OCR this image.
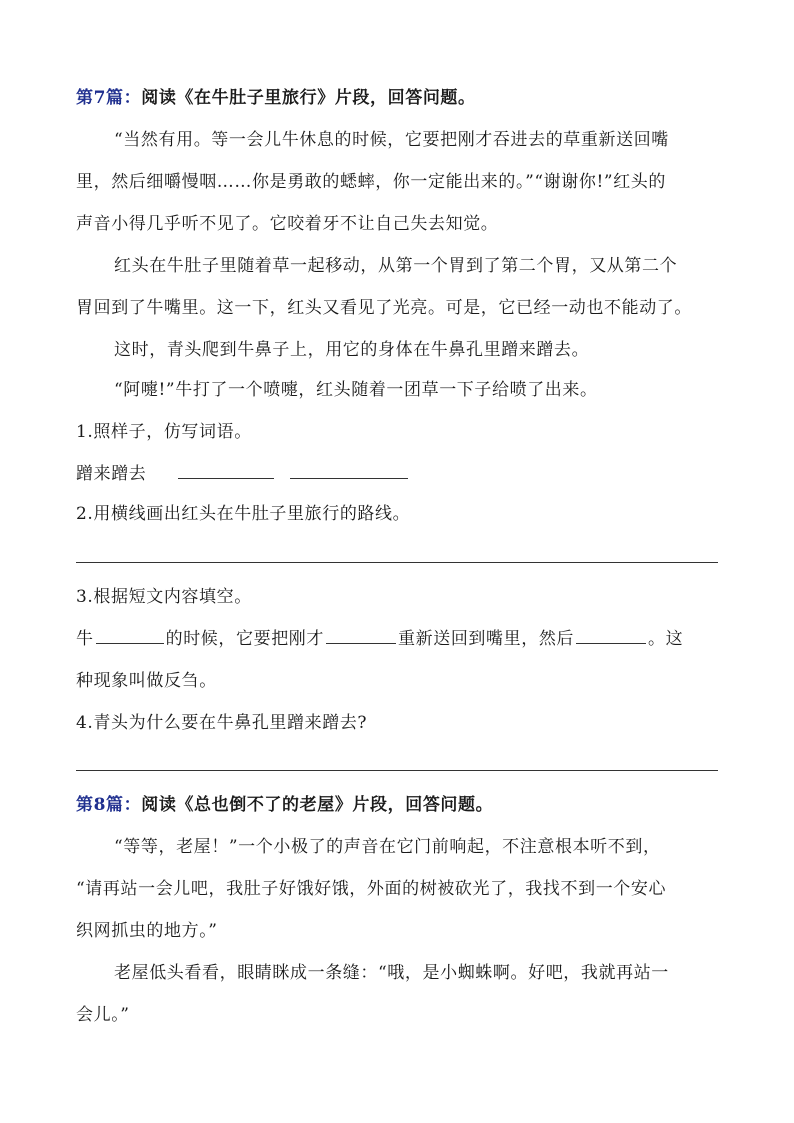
第7篇：阅读《在牛肚子里旅行》片段，回答问题。
“当然有用。等一会儿牛休息的时候，它要把刚才吞进去的草重新送回嘴
里，然后细嚼慢咽……你是勇敢的蟋蟀，你一定能出来的。”“谢谢你!”红头的
声音小得几乎听不见了。它咬着牙不让自己失去知觉。
红头在牛肚子里随着草一起移动，从第一个胃到了第二个胃，又从第二个
胃回到了牛嘴里。这一下，红头又看见了光亮。可是，它已经一动也不能动了。
这时，青头爬到牛鼻子上，用它的身体在牛鼻孔里蹭来蹭去。
“阿嚏!”牛打了一个喷嚏，红头随着一团草一下子给喷了出来。
1.照样子，仿写词语。
蹭来蹭去
2.用横线画出红头在牛肚子里旅行的路线。
3.根据短文内容填空。
牛	的时候，它要把刚才	重新送回到嘴里，然后	。这
种现象叫做反刍。
4.青头为什么要在牛鼻孔里蹭来蹭去?
第8篇：阅读《总也倒不了的老屋》片段，回答问题。
“等等，老屋！”一个小极了的声音在它门前响起，不注意根本听不到，
“请再站一会儿吧，我肚子好饿好饿，外面的树被砍光了，我找不到一个安心
织网抓虫的地方。”
老屋低头看看，眼睛眯成一条缝：“哦，是小蜘蛛啊。好吧，我就再站一
会儿。”
